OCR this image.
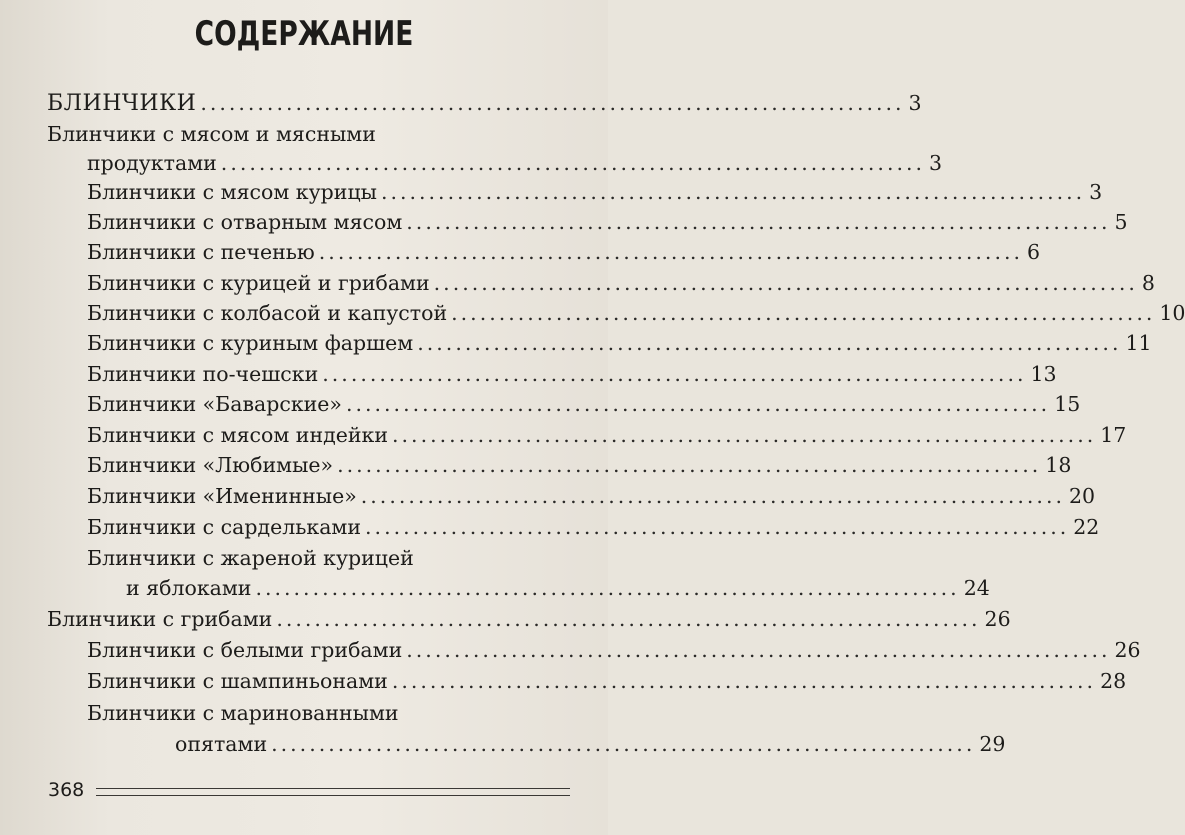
СОДЕРЖАНИЕ
БЛИНЧИКИ .......................................................................... 3
Блинчики с мясом и мясными
продуктами .......................................................................... 3
Блинчики с мясом курицы .......................................................................... 3
Блинчики с отварным мясом .......................................................................... 5
Блинчики с печенью .......................................................................... 6
Блинчики с курицей и грибами .......................................................................... 8
Блинчики с колбасой и капустой .......................................................................... 10
Блинчики с куриным фаршем .......................................................................... 11
Блинчики по-чешски .......................................................................... 13
Блинчики «Баварские» .......................................................................... 15
Блинчики с мясом индейки .......................................................................... 17
Блинчики «Любимые» .......................................................................... 18
Блинчики «Именинные» .......................................................................... 20
Блинчики с сардельками .......................................................................... 22
Блинчики с жареной курицей
и яблоками .......................................................................... 24
Блинчики с грибами .......................................................................... 26
Блинчики с белыми грибами .......................................................................... 26
Блинчики с шампиньонами .......................................................................... 28
Блинчики с маринованными
опятами .......................................................................... 29
368
